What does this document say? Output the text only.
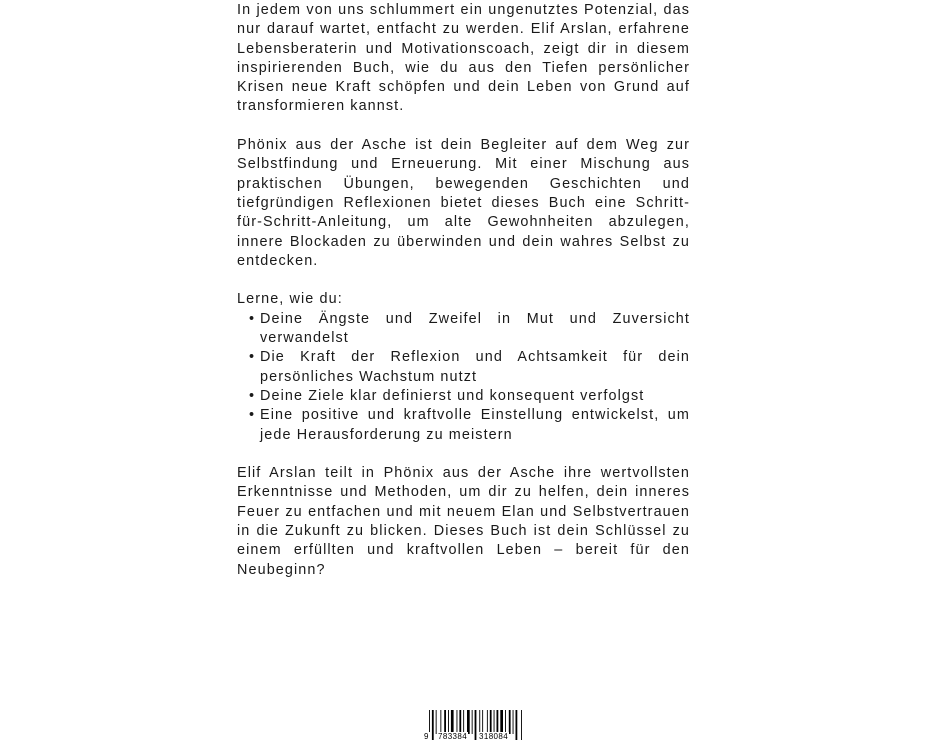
In jedem von uns schlummert ein ungenutztes Potenzial, das nur darauf wartet, entfacht zu werden. Elif Arslan, erfahrene Lebensberaterin und Motivationscoach, zeigt dir in diesem inspirierenden Buch, wie du aus den Tiefen persönlicher Krisen neue Kraft schöpfen und dein Leben von Grund auf transformieren kannst.

Phönix aus der Asche ist dein Begleiter auf dem Weg zur Selbstfindung und Erneuerung. Mit einer Mischung aus praktischen Übungen, bewegenden Geschichten und tiefgründigen Reflexionen bietet dieses Buch eine Schritt-für-Schritt-Anleitung, um alte Gewohnheiten abzulegen, innere Blockaden zu überwinden und dein wahres Selbst zu entdecken.

Lerne, wie du:

• Deine Ängste und Zweifel in Mut und Zuversicht verwandelst
• Die Kraft der Reflexion und Achtsamkeit für dein persönliches Wachstum nutzt
• Deine Ziele klar definierst und konsequent verfolgst
• Eine positive und kraftvolle Einstellung entwickelst, um jede Herausforderung zu meistern

Elif Arslan teilt in Phönix aus der Asche ihre wertvollsten Erkenntnisse und Methoden, um dir zu helfen, dein inneres Feuer zu entfachen und mit neuem Elan und Selbstvertrauen in die Zukunft zu blicken. Dieses Buch ist dein Schlüssel zu einem erfüllten und kraftvollen Leben – bereit für den Neubeginn?

9 783384 318084
